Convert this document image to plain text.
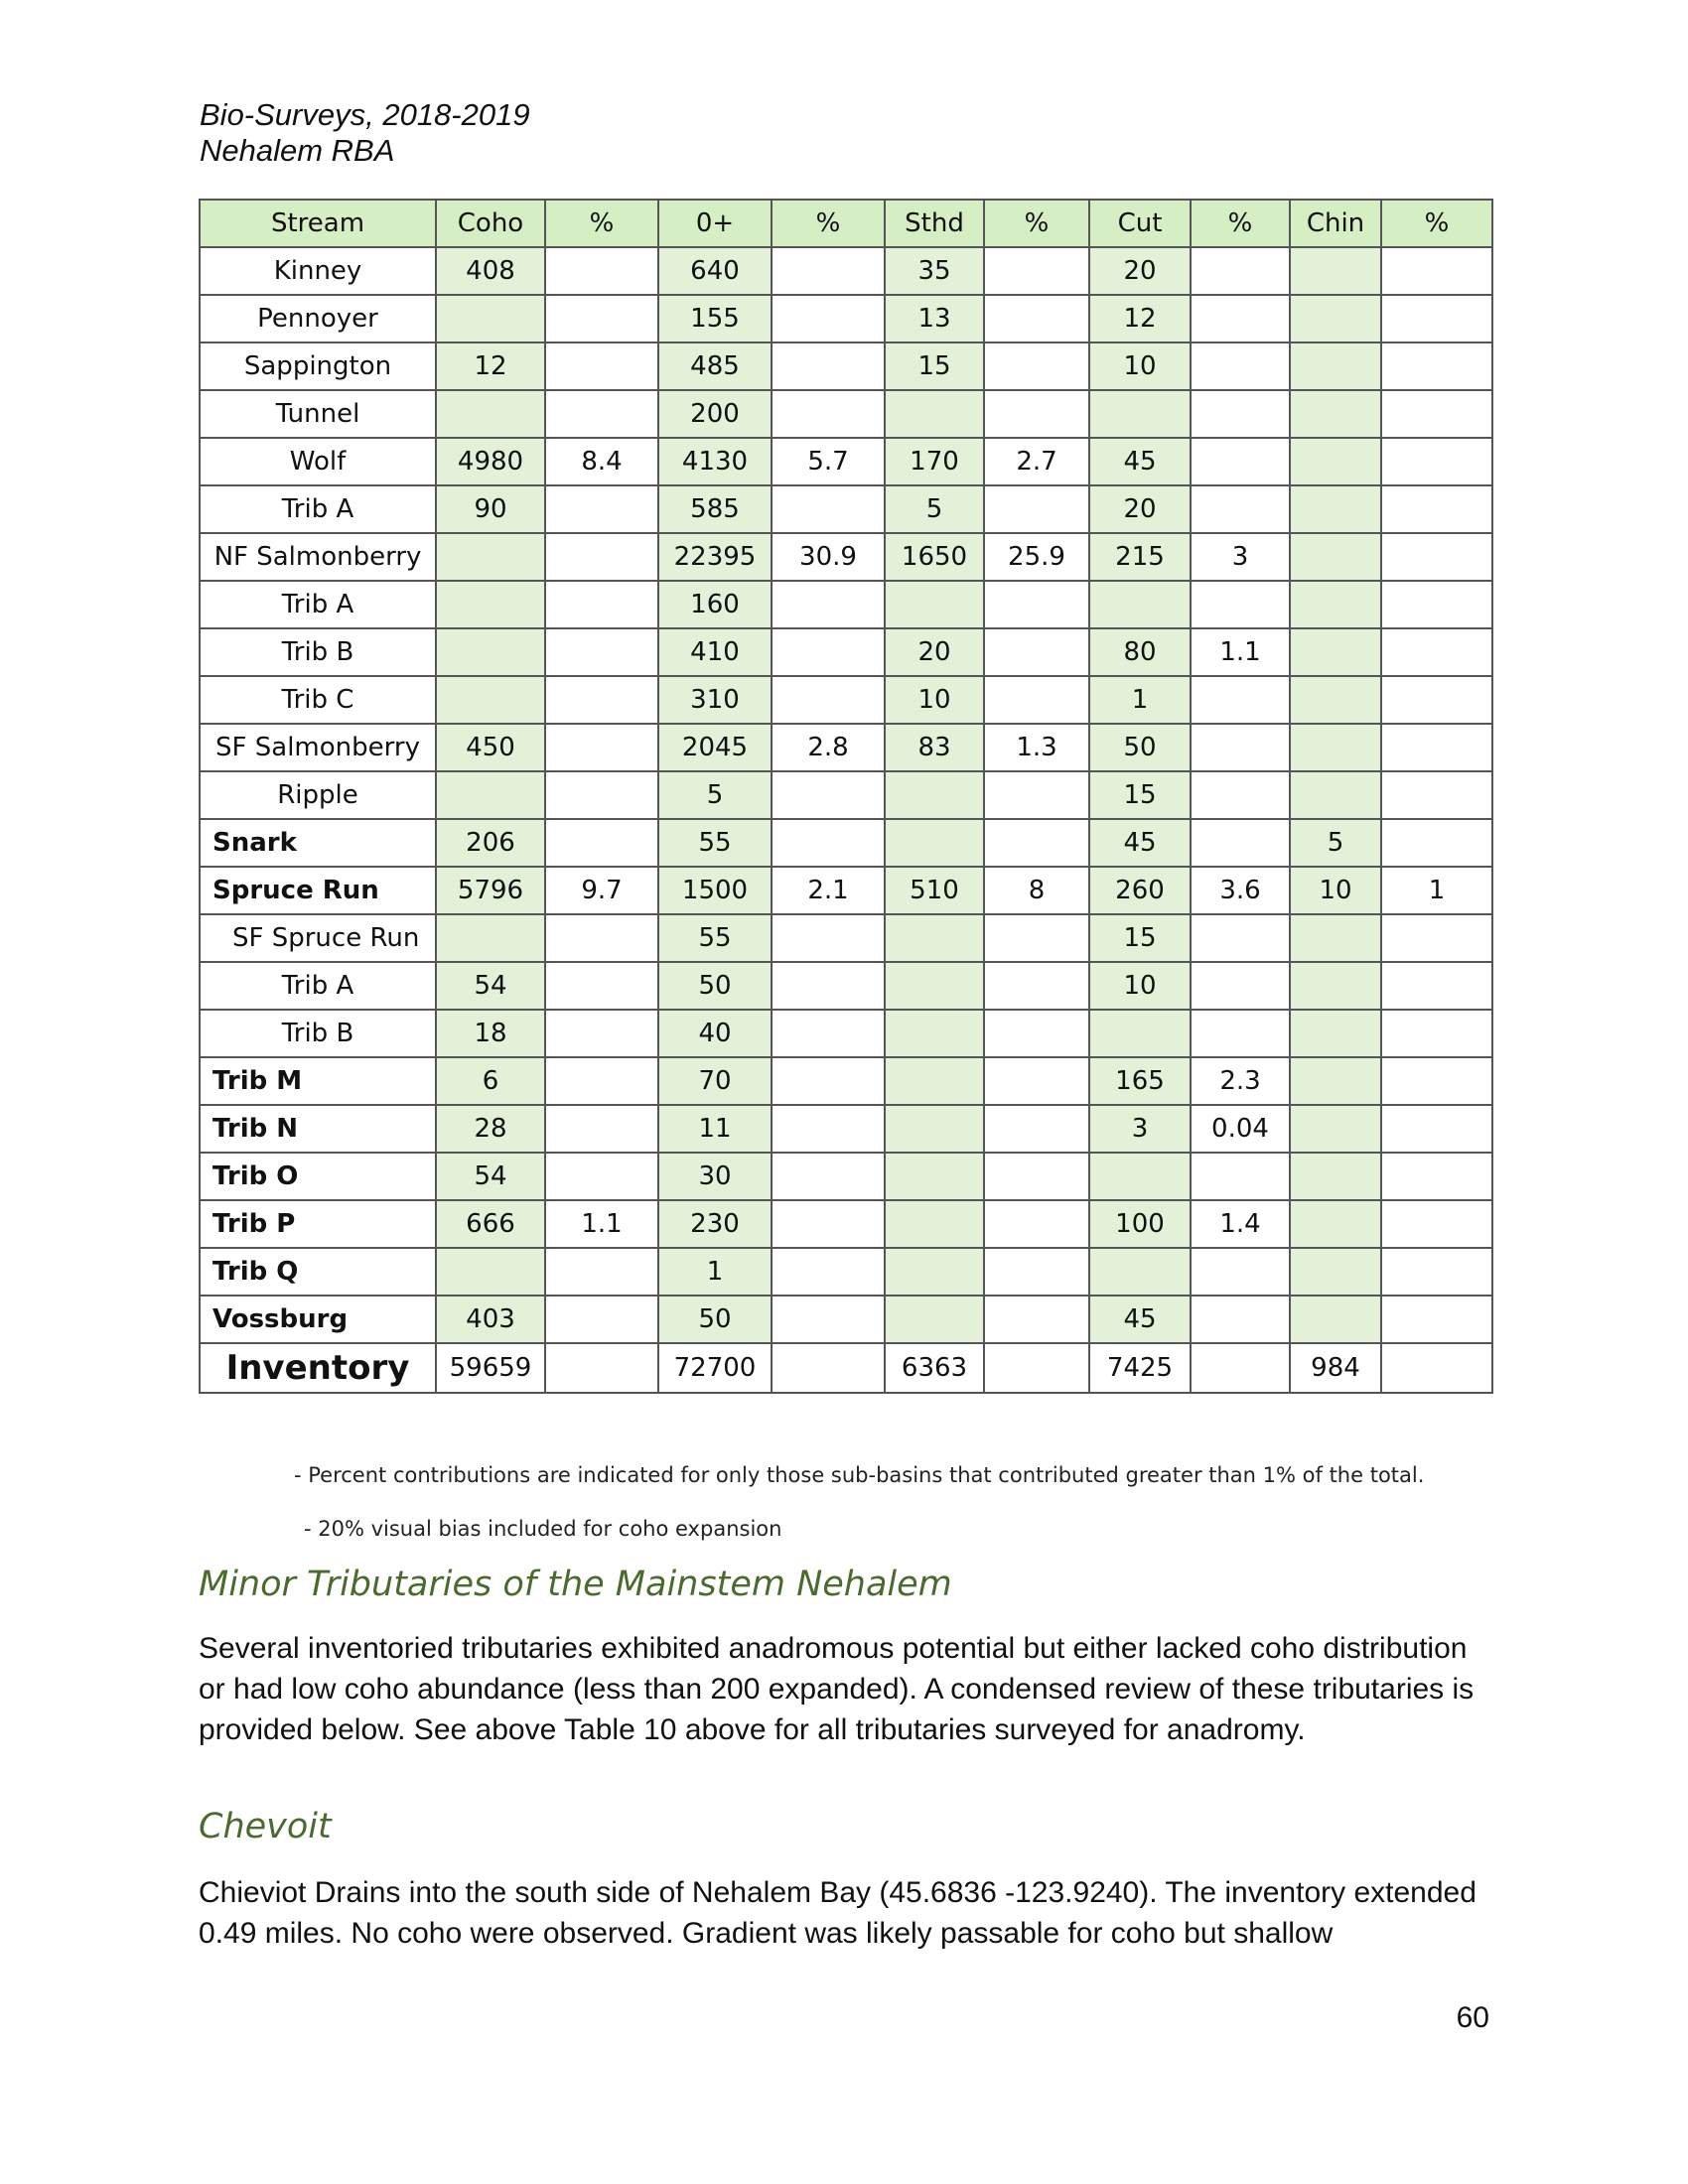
Bio-Surveys, 2018-2019
Nehalem RBA
Stream	Coho	%	0+	%	Sthd	%	Cut	%	Chin	%
Kinney	408		640		35		20			
Pennoyer			155		13		12			
Sappington	12		485		15		10			
Tunnel			200							
Wolf	4980	8.4	4130	5.7	170	2.7	45			
Trib A	90		585		5		20			
NF Salmonberry			22395	30.9	1650	25.9	215	3		
Trib A			160							
Trib B			410		20		80	1.1		
Trib C			310		10		1			
SF Salmonberry	450		2045	2.8	83	1.3	50			
Ripple			5				15			
Snark	206		55				45		5	
Spruce Run	5796	9.7	1500	2.1	510	8	260	3.6	10	1
SF Spruce Run			55				15			
Trib A	54		50				10			
Trib B	18		40							
Trib M	6		70				165	2.3		
Trib N	28		11				3	0.04		
Trib O	54		30							
Trib P	666	1.1	230				100	1.4		
Trib Q			1							
Vossburg	403		50				45			
Inventory	59659		72700		6363		7425		984	
- Percent contributions are indicated for only those sub-basins that contributed greater than 1% of the total.
- 20% visual bias included for coho expansion
Minor Tributaries of the Mainstem Nehalem
Several inventoried tributaries exhibited anadromous potential but either lacked coho distribution or had low coho abundance (less than 200 expanded). A condensed review of these tributaries is provided below. See above Table 10 above for all tributaries surveyed for anadromy.
Chevoit
Chieviot Drains into the south side of Nehalem Bay (45.6836 -123.9240). The inventory extended 0.49 miles. No coho were observed. Gradient was likely passable for coho but shallow
60
